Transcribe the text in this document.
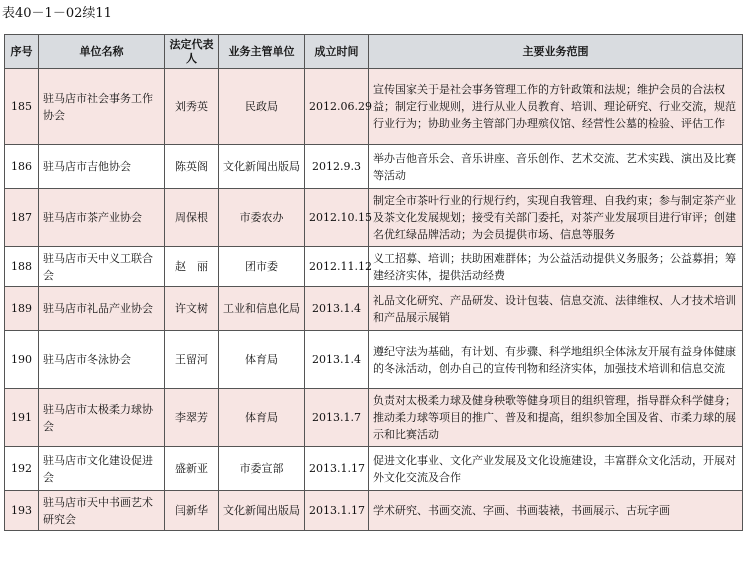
表40－1－02续11
序号	单位名称	法定代表人	业务主管单位	成立时间	主要业务范围
185	驻马店市社会事务工作协会	刘秀英	民政局	2012.06.29	宣传国家关于是社会事务管理工作的方针政策和法规；维护会员的合法权益；制定行业规则，进行从业人员教育、培训、理论研究、行业交流，规范行业行为；协助业务主管部门办理殡仪馆、经营性公墓的检验、评估工作
186	驻马店市吉他协会	陈英阁	文化新闻出版局	2012.9.3	举办吉他音乐会、音乐讲座、音乐创作、艺术交流、艺术实践、演出及比赛等活动
187	驻马店市茶产业协会	周保根	市委农办	2012.10.15	制定全市茶叶行业的行规行约，实现自我管理、自我约束；参与制定茶产业及茶文化发展规划；接受有关部门委托，对茶产业发展项目进行审评；创建名优红绿品牌活动；为会员提供市场、信息等服务
188	驻马店市天中义工联合会	赵　丽	团市委	2012.11.12	义工招募、培训；扶助困难群体；为公益活动提供义务服务；公益募捐；筹建经济实体，提供活动经费
189	驻马店市礼品产业协会	许文树	工业和信息化局	2013.1.4	礼品文化研究、产品研发、设计包装、信息交流、法律维权、人才技术培训和产品展示展销
190	驻马店市冬泳协会	王留河	体育局	2013.1.4	遵纪守法为基础，有计划、有步骤、科学地组织全体泳友开展有益身体健康的冬泳活动，创办自己的宣传刊物和经济实体，加强技术培训和信息交流
191	驻马店市太极柔力球协会	李翠芳	体育局	2013.1.7	负责对太极柔力球及健身秧歌等健身项目的组织管理，指导群众科学健身；推动柔力球等项目的推广、普及和提高，组织参加全国及省、市柔力球的展示和比赛活动
192	驻马店市文化建设促进会	盛新亚	市委宣部	2013.1.17	促进文化事业、文化产业发展及文化设施建设，丰富群众文化活动，开展对外文化交流及合作
193	驻马店市天中书画艺术研究会	闫新华	文化新闻出版局	2013.1.17	学术研究、书画交流、字画、书画装裱，书画展示、古玩字画
